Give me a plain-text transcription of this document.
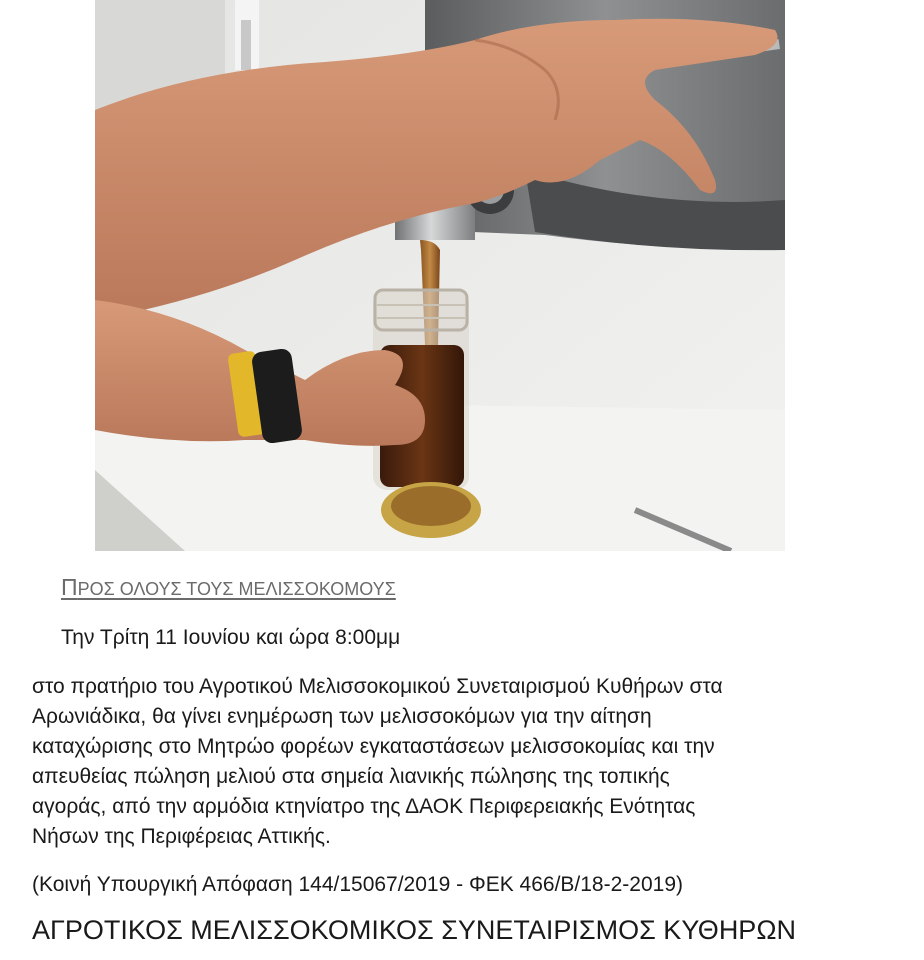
ΠΡΟΣ ΟΛΟΥΣ ΤΟΥΣ ΜΕΛΙΣΣΟΚΟΜΟΥΣ

Την Τρίτη 11 Ιουνίου και ώρα 8:00μμ

στο πρατήριο του Αγροτικού Μελισσοκομικού Συνεταιρισμού Κυθήρων στα
Αρωνιάδικα, θα γίνει ενημέρωση των μελισσοκόμων για την αίτηση
καταχώρισης στο Μητρώο φορέων εγκαταστάσεων μελισσοκομίας και την
απευθείας πώληση μελιού στα σημεία λιανικής πώλησης της τοπικής
αγοράς, από την αρμόδια κτηνίατρο της ΔΑΟΚ Περιφερειακής Ενότητας
Νήσων της Περιφέρειας Αττικής.

(Κοινή Υπουργική Απόφαση 144/15067/2019 - ΦΕΚ 466/Β/18-2-2019)

ΑΓΡΟΤΙΚΟΣ ΜΕΛΙΣΣΟΚΟΜΙΚΟΣ ΣΥΝΕΤΑΙΡΙΣΜΟΣ ΚΥΘΗΡΩΝ
